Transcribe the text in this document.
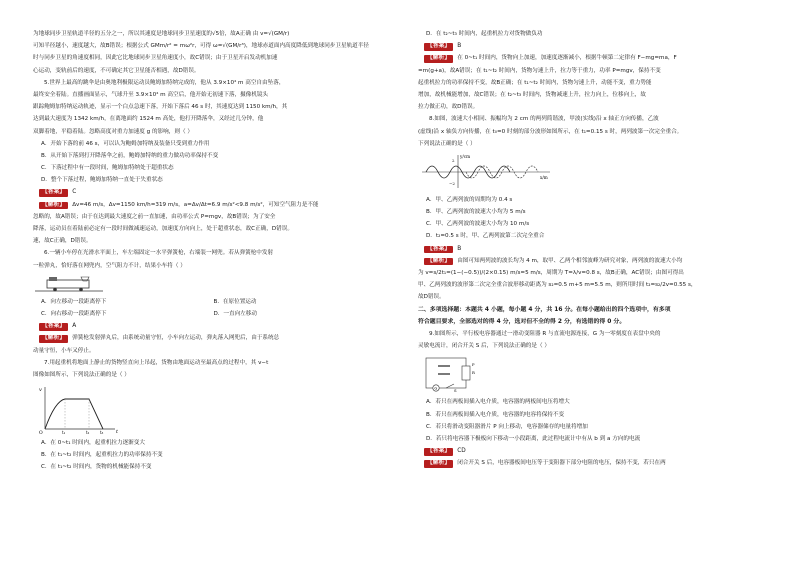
为地球同步卫星轨道半径的五分之一，所以其速度是地球同步卫星速度的√5倍，故A正确 由 v=√(GM/r)
可知半径越小，速度越大，故B错误；根据公式 GMm/r² = mω²r，可得 ω=√(GM/r³)，地球赤道面内高度降低到地球同步卫星轨道半径
时与同步卫星的角速度相同，因此它比地球同步卫星角速度小，故C错误；由于卫星开启发动机加速
心运动，变轨前后的速度，不可确定其它卫星能否相遇，故D错误。
5.世界上最高的跳伞是由奥地利极限运动员鲍姆加特纳完成的，他从 3.9×10⁴ m 高空自由坠落，
最终安全着陆。直播画面显示，气球升至 3.9×10⁴ m 高空后，他开始无初速下落，摄像机镜头
跟踪鲍姆加特纳运动轨迹，显示一个白点急速下落，开始下落后 46 s 时，其速度达到 1150 km/h，其
达到最大速度为 1342 km/h，在离地面约 1524 m 高处，他打开降落伞，又经过几分钟，他
双脚着地，平稳着陆。忽略高度对重力加速度 g 的影响，则（ ）
A．开始下落的前 46 s，可以认为鲍姆加特纳及装备只受到重力作用
B．从开始下落到打开降落伞之前，鲍姆加特纳的重力做功功率保持不变
C．下落过程中有一段时间，鲍姆加特纳处于超重状态
D．整个下落过程，鲍姆加特纳一直处于失重状态
【答案】 C
【解析】 Δv=46 m/s，Δv=1150 km/h=319 m/s，a=Δv/Δt=6.9 m/s²<9.8 m/s²，可知空气阻力是不能
忽略的，故A错误；由于在达到最大速度之前一直加速，由功率公式 P=mgv，故B错误；为了安全
降落，运动员在着陆前必定有一段时间做减速运动，加速度方向向上，处于超重状态，故C正确，D错误。
速，故C正确，D错误。
6.一辆小车停在光滑水平面上，车左端固定一水平弹簧枪，右端装一网兜。若从弹簧枪中发射
一粒弹丸，恰好落在网兜内，空气阻力不计，结果小车将（ ）
A．向左移动一段距离停下	B．在原位置运动
C．向右移动一段距离停下	D．一直向左移动
【答案】 A
【解析】 弹簧枪发射弹丸后，由系统动量守恒，小车向左运动，弹丸落入网兜后，由于系统总
动量守恒，小车又停止。
7.用起重机将地面上静止的货物竖直向上吊起，货物由地面运动至最高点的过程中，其 v−t
图像如图所示，下列说法正确的是（ ）
v
t
O	t₁	t₂	t₃
A．在 0~t₁ 时间内，起重机拉力逐渐变大
B．在 t₁~t₂ 时间内，起重机拉力的功率保持不变
C．在 t₁~t₂ 时间内，货物的机械能保持不变
D．在 t₂~t₃ 时间内，起重机拉力对货物做负功
【答案】 B
【解析】 在 0~t₁ 时间内，货物向上加速，加速度逐渐减小，根据牛顿第二定律有 F−mg=ma，F
=m(g+a)，故A错误；在 t₁~t₂ 时间内，货物匀速上升，拉力等于重力，功率 P=mgv，保持不变
起重机拉力的功率保持不变，故B正确；在 t₁~t₂ 时间内，货物匀速上升，动能不变，重力势能
增加，故机械能增加，故C错误；在 t₂~t₃ 时间内，货物减速上升，拉力向上，位移向上，故
拉力做正功，故D错误。
8.如图，波速大小相同、振幅均为 2 cm 的两列简谐波，甲波(实线)沿 x 轴正方向传播，乙波
(虚线)沿 x 轴负方向传播，在 t₀=0 时刻的部分波形如图所示，在 t₁=0.15 s 时，两列波第一次完全重合。
下列说法正确的是（ ）
y/cm
x/m
2
−2
A．甲、乙两列波的周期均为 0.4 s
B．甲、乙两列波的波速大小均为 5 m/s
C．甲、乙两列波的波速大小均为 10 m/s
D．t₂=0.5 s 时，甲、乙两列波第二次完全重合
【答案】 B
【解析】 由图可知两列波的波长均为 4 m，取甲、乙两个相邻波峰为研究对象，两列波的波速大小均
为 v=s/2t₁=(1−(−0.5))/(2×0.15) m/s=5 m/s，周期为 T=λ/v=0.8 s，故B正确，AC错误；由图可得出
甲、乙两列波的波形第二次完全重合波形移动距离为 s₂=0.5 m+5 m=5.5 m，则所用时间 t₂=s₂/2v=0.55 s，
故D错误。
二、多项选择题：本题共 4 小题，每小题 4 分，共 16 分。在每小题给出的四个选项中，有多项
符合题目要求，全部选对的得 4 分，选对但不全的得 2 分，有选错的得 0 分。
9.如图所示，平行板电容器通过一滑动变阻器 R 与直流电源连接，G 为一零刻度在表盘中央的
灵敏电流计，闭合开关 S 后，下列说法正确的是（ ）
G
R
P
S
A．若只在两板间插入电介质，电容器的两板间电压将增大
B．若只在两板间插入电介质，电容器的电容将保持不变
C．若只将滑动变阻器滑片 P 向上移动，电容器储存的电量将增加
D．若只将电容器下极板向下移动一小段距离，此过程电流计中有从 b 到 a 方向的电流
【答案】 CD
【解析】 闭合开关 S 后，电容器板间电压等于变阻器下部分电阻的电压，保持不变，若只在两
